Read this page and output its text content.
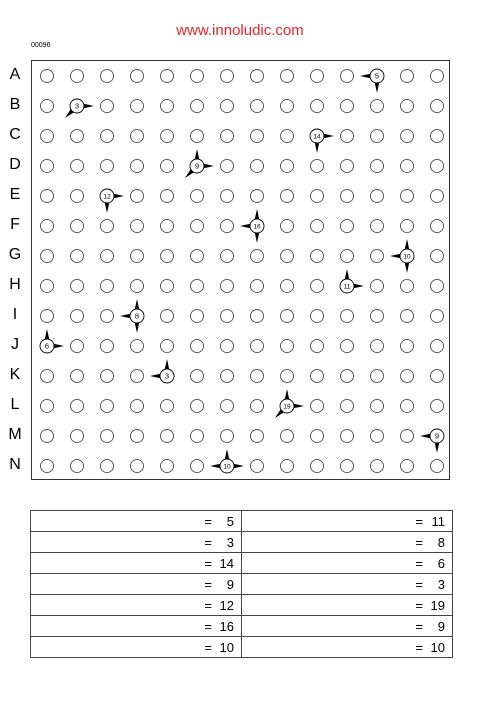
www.innoludic.com
00096
A
B
C
D
E
F
G
H
I
J
K
L
M
N
5
3
14
9
12
16
10
11
8
6
3
19
9
10
= 5	= 11

= 3	= 8

= 14	= 6

= 9	= 3

= 12	= 19

= 16	= 9

= 10	= 10
